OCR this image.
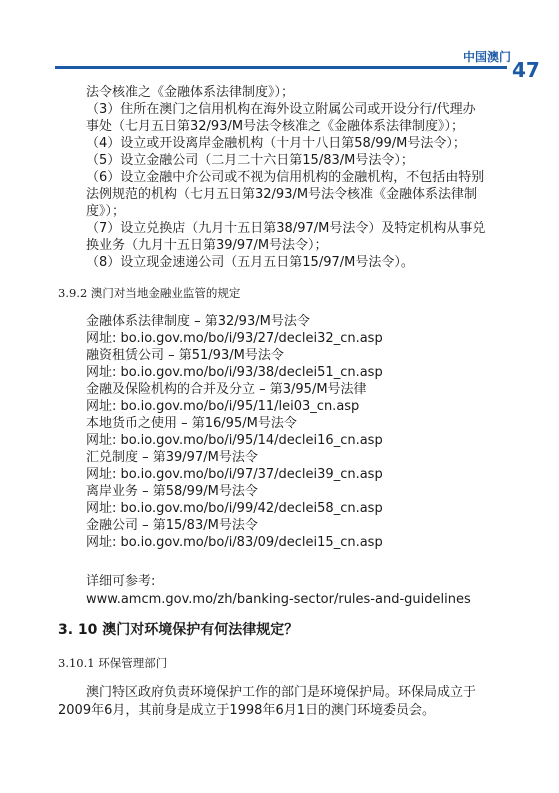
中国澳门
47
法令核准之《金融体系法律制度》）；
（3）住所在澳门之信用机构在海外设立附属公司或开设分行/代理办
事处（七月五日第32/93/M号法令核准之《金融体系法律制度》）；
（4）设立或开设离岸金融机构（十月十八日第58/99/M号法令）；
（5）设立金融公司（二月二十六日第15/83/M号法令）；
（6）设立金融中介公司或不视为信用机构的金融机构，不包括由特别
法例规范的机构（七月五日第32/93/M号法令核准《金融体系法律制
度》）；
（7）设立兑换店（九月十五日第38/97/M号法令）及特定机构从事兑
换业务（九月十五日第39/97/M号法令）；
（8）设立现金速递公司（五月五日第15/97/M号法令）。
3.9.2 澳门对当地金融业监管的规定
金融体系法律制度 – 第32/93/M号法令
网址: bo.io.gov.mo/bo/i/93/27/declei32_cn.asp
融资租赁公司 – 第51/93/M号法令
网址: bo.io.gov.mo/bo/i/93/38/declei51_cn.asp
金融及保险机构的合并及分立 – 第3/95/M号法律
网址: bo.io.gov.mo/bo/i/95/11/lei03_cn.asp
本地货币之使用 – 第16/95/M号法令
网址: bo.io.gov.mo/bo/i/95/14/declei16_cn.asp
汇兑制度 – 第39/97/M号法令
网址: bo.io.gov.mo/bo/i/97/37/declei39_cn.asp
离岸业务 – 第58/99/M号法令
网址: bo.io.gov.mo/bo/i/99/42/declei58_cn.asp
金融公司 – 第15/83/M号法令
网址: bo.io.gov.mo/bo/i/83/09/declei15_cn.asp
详细可参考:
www.amcm.gov.mo/zh/banking-sector/rules-and-guidelines
3. 10 澳门对环境保护有何法律规定？
3.10.1 环保管理部门
澳门特区政府负责环境保护工作的部门是环境保护局。环保局成立于
2009年6月，其前身是成立于1998年6月1日的澳门环境委员会。
